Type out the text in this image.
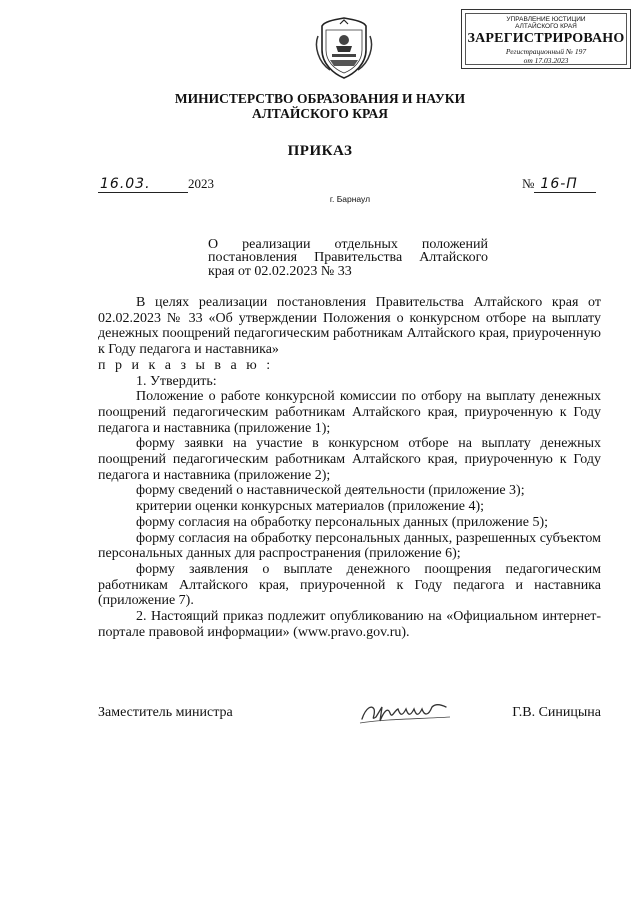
УПРАВЛЕНИЕ ЮСТИЦИИ
АЛТАЙСКОГО КРАЯ
ЗАРЕГИСТРИРОВАНО
Регистрационный № 197
от 17.03.2023
МИНИСТЕРСТВО ОБРАЗОВАНИЯ И НАУКИ
АЛТАЙСКОГО КРАЯ
ПРИКАЗ
16.03.	2023	№ 16-П
г. Барнаул
О реализации отдельных положений
постановления Правительства Алтайского
края от 02.02.2023 № 33

В целях реализации постановления Правительства Алтайского края от 02.02.2023 № 33 «Об утверждении Положения о конкурсном отборе на выплату денежных поощрений педагогическим работникам Алтайского края, приуроченную к Году педагога и наставника»

п р и к а з ы в а ю :

1. Утвердить:

Положение о работе конкурсной комиссии по отбору на выплату денежных поощрений педагогическим работникам Алтайского края, приуроченную к Году педагога и наставника (приложение 1);

форму заявки на участие в конкурсном отборе на выплату денежных поощрений педагогическим работникам Алтайского края, приуроченную к Году педагога и наставника (приложение 2);

форму сведений о наставнической деятельности (приложение 3);

критерии оценки конкурсных материалов (приложение 4);

форму согласия на обработку персональных данных (приложение 5);

форму согласия на обработку персональных данных, разрешенных субъектом персональных данных для распространения (приложение 6);

форму заявления о выплате денежного поощрения педагогическим работникам Алтайского края, приуроченной к Году педагога и наставника (приложение 7).

2. Настоящий приказ подлежит опубликованию на «Официальном интернет-портале правовой информации» (www.pravo.gov.ru).

Заместитель министра	Г.В. Синицына
